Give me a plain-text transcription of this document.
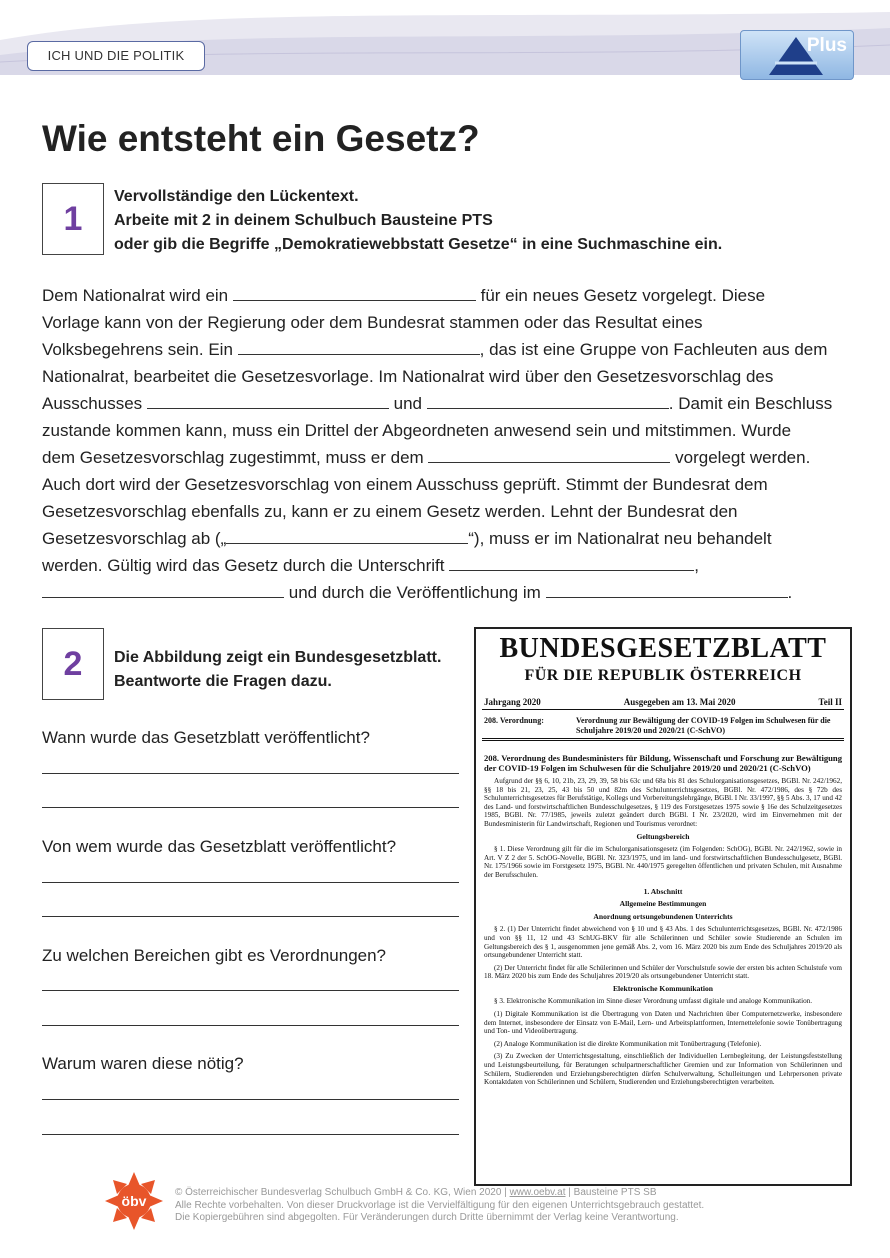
ICH UND DIE POLITIK	Plus
Wie entsteht ein Gesetz?
1
Vervollständige den Lückentext.
Arbeite mit 2 in deinem Schulbuch Bausteine PTS
oder gib die Begriffe „Demokratiewebbstatt Gesetze“ in eine Suchmaschine ein.
Dem Nationalrat wird ein	für ein neues Gesetz vorgelegt. Diese
Vorlage kann von der Regierung oder dem Bundesrat stammen oder das Resultat eines
Volksbegehrens sein. Ein	, das ist eine Gruppe von Fachleuten aus dem
Nationalrat, bearbeitet die Gesetzesvorlage. Im Nationalrat wird über den Gesetzesvorschlag des
Ausschusses	und	. Damit ein Beschluss
zustande kommen kann, muss ein Drittel der Abgeordneten anwesend sein und mitstimmen. Wurde
dem Gesetzesvorschlag zugestimmt, muss er dem	vorgelegt werden.
Auch dort wird der Gesetzesvorschlag von einem Ausschuss geprüft. Stimmt der Bundesrat dem
Gesetzesvorschlag ebenfalls zu, kann er zu einem Gesetz werden. Lehnt der Bundesrat den
Gesetzesvorschlag ab („	“), muss er im Nationalrat neu behandelt
werden. Gültig wird das Gesetz durch die Unterschrift	,
und durch die Veröffentlichung im	.
2	Die Abbildung zeigt ein Bundesgesetzblatt.
Beantworte die Fragen dazu.
Wann wurde das Gesetzblatt veröffentlicht?
Von wem wurde das Gesetzblatt veröffentlicht?
Zu welchen Bereichen gibt es Verordnungen?
Warum waren diese nötig?
BUNDESGESETZBLATT
FÜR DIE REPUBLIK ÖSTERREICH
Jahrgang 2020	Ausgegeben am 13. Mai 2020	Teil II
208. Verordnung:	Verordnung zur Bewältigung der COVID-19 Folgen im Schulwesen für die Schuljahre 2019/20 und 2020/21 (C-SchVO)
208. Verordnung des Bundesministers für Bildung, Wissenschaft und Forschung zur Bewältigung der COVID-19 Folgen im Schulwesen für die Schuljahre 2019/20 und 2020/21 (C-SchVO)

Aufgrund der §§ 6, 10, 21b, 23, 29, 39, 58 bis 63c und 68a bis 81 des Schulorganisationsgesetzes, BGBl. Nr. 242/1962, §§ 18 bis 21, 23, 25, 43 bis 50 und 82m des Schulunterrichtsgesetzes, BGBl. Nr. 472/1986, des § 72b des Schulunterrichtsgesetzes für Berufstätige, Kollegs und Vorbereitungslehrgänge, BGBl. I Nr. 33/1997, §§ 5 Abs. 3, 17 und 42 des Land- und forstwirtschaftlichen Bundesschulgesetzes, § 119 des Forstgesetzes 1975 sowie § 16e des Schulzeitgesetzes 1985, BGBl. Nr. 77/1985, jeweils zuletzt geändert durch BGBl. I Nr. 23/2020, wird im Einvernehmen mit der Bundesministerin für Landwirtschaft, Regionen und Tourismus verordnet:

Geltungsbereich

§ 1. Diese Verordnung gilt für die im Schulorganisationsgesetz (im Folgenden: SchOG), BGBl. Nr. 242/1962, sowie in Art. V Z 2 der 5. SchOG-Novelle, BGBl. Nr. 323/1975, und im land- und forstwirtschaftlichen Bundesschulgesetz, BGBl. Nr. 175/1966 sowie im Forstgesetz 1975, BGBl. Nr. 440/1975 geregelten öffentlichen und privaten Schulen, mit Ausnahme der Berufsschulen.

1. Abschnitt
Allgemeine Bestimmungen
Anordnung ortsungebundenen Unterrichts

§ 2. (1) Der Unterricht findet abweichend von § 10 und § 43 Abs. 1 des Schulunterrichtsgesetzes, BGBl. Nr. 472/1986 und von §§ 11, 12 und 43 SchUG-BKV für alle Schülerinnen und Schüler sowie Studierende an Schulen im Geltungsbereich des § 1, ausgenommen jene gemäß Abs. 2, vom 16. März 2020 bis zum Ende des Schuljahres 2019/20 als ortsungebundener Unterricht statt.

(2) Der Unterricht findet für alle Schülerinnen und Schüler der Vorschulstufe sowie der ersten bis achten Schulstufe vom 18. März 2020 bis zum Ende des Schuljahres 2019/20 als ortsungebundener Unterricht statt.

Elektronische Kommunikation

§ 3. Elektronische Kommunikation im Sinne dieser Verordnung umfasst digitale und analoge Kommunikation.

(1) Digitale Kommunikation ist die Übertragung von Daten und Nachrichten über Computernetzwerke, insbesondere dem Internet, insbesondere der Einsatz von E-Mail, Lern- und Arbeitsplattformen, Internettelefonie sowie Tonübertragung und Ton- und Videoübertragung.

(2) Analoge Kommunikation ist die direkte Kommunikation mit Tonübertragung (Telefonie).

(3) Zu Zwecken der Unterrichtsgestaltung, einschließlich der Individuellen Lernbegleitung, der Leistungsfeststellung und Leistungsbeurteilung, für Beratungen schulpartnerschaftlicher Gremien und zur Information von Schülerinnen und Schülern, Studierenden und Erziehungsberechtigten dürfen Schulverwaltung, Schulleitungen und Lehrpersonen private Kontaktdaten von Schülerinnen und Schülern, Studierenden und Erziehungsberechtigten verarbeiten.

öbv
© Österreichischer Bundesverlag Schulbuch GmbH & Co. KG, Wien 2020 | www.oebv.at | Bausteine PTS SB
Alle Rechte vorbehalten. Von dieser Druckvorlage ist die Vervielfältigung für den eigenen Unterrichtsgebrauch gestattet.
Die Kopiergebühren sind abgegolten. Für Veränderungen durch Dritte übernimmt der Verlag keine Verantwortung.
